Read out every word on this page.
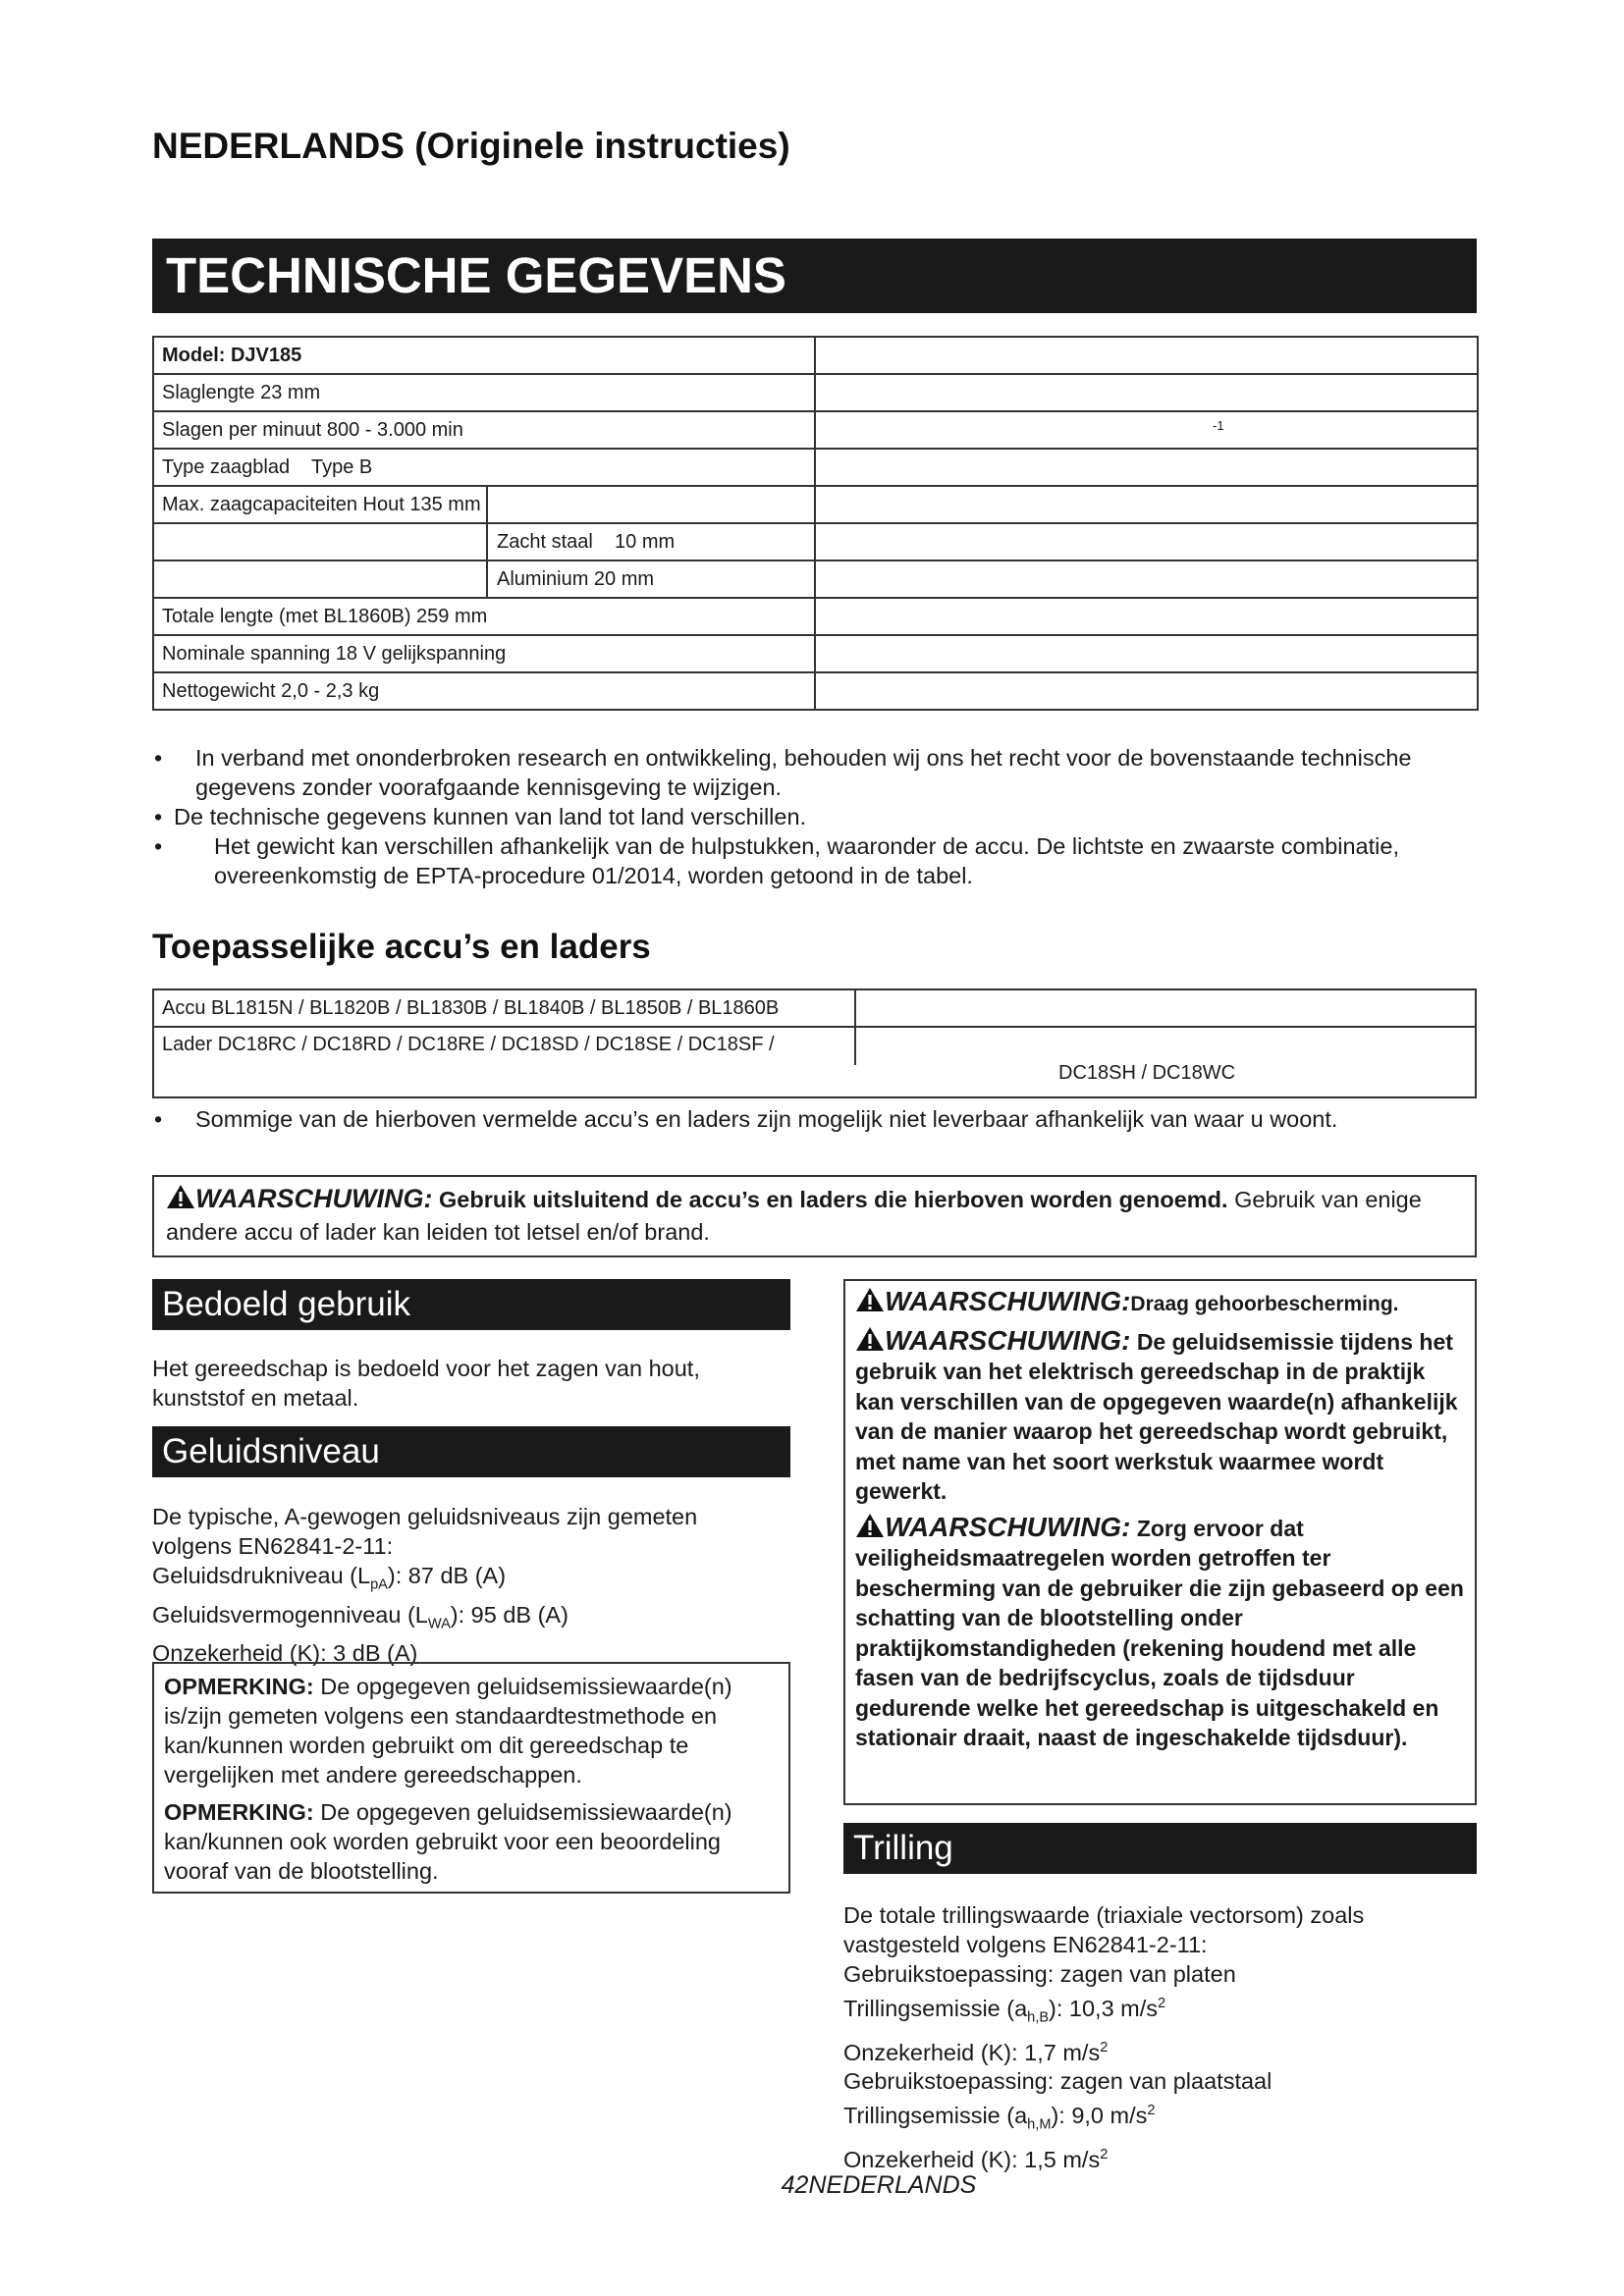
NEDERLANDS (Originele instructies)
TECHNISCHE GEGEVENS
Model: DJV185	
Slaglengte 23 mm	
Slagen per minuut 800 - 3.000 min	-1

Type zaagblad    Type B	
Max. zaagcapaciteiten Hout 135 mm

Zacht staal    10 mm	

Aluminium 20 mm	

Totale lengte (met BL1860B) 259 mm	
Nominale spanning 18 V gelijkspanning	
Nettogewicht 2,0 - 2,3 kg	
• In verband met ononderbroken research en ontwikkeling, behouden wij ons het recht voor de bovenstaande technische gegevens zonder voorafgaande kennisgeving te wijzigen.
• De technische gegevens kunnen van land tot land verschillen.
• Het gewicht kan verschillen afhankelijk van de hulpstukken, waaronder de accu. De lichtste en zwaarste combinatie, overeenkomstig de EPTA-procedure 01/2014, worden getoond in de tabel.
Toepasselijke accu’s en laders
Accu BL1815N / BL1820B / BL1830B / BL1840B / BL1850B / BL1860B

Lader DC18RC / DC18RD / DC18RE / DC18SD / DC18SE / DC18SF /
DC18SH / DC18WC
• Sommige van de hierboven vermelde accu’s en laders zijn mogelijk niet leverbaar afhankelijk van waar u woont.
WAARSCHUWING: Gebruik uitsluitend de accu’s en laders die hierboven worden genoemd. Gebruik van enige andere accu of lader kan leiden tot letsel en/of brand.
Bedoeld gebruik
Het gereedschap is bedoeld voor het zagen van hout, kunststof en metaal.
Geluidsniveau
De typische, A-gewogen geluidsniveaus zijn gemeten volgens EN62841-2-11:
Geluidsdrukniveau $(L_{pA})$: 87 dB (A)
Geluidsvermogenniveau $(L_{WA})$: 95 dB (A)
Onzekerheid (K): 3 dB (A)

OPMERKING: De opgegeven geluidsemissiewaarde(n) is/zijn gemeten volgens een standaardtestmethode en kan/kunnen worden gebruikt om dit gereedschap te vergelijken met andere gereedschappen.

OPMERKING: De opgegeven geluidsemissiewaarde(n) kan/kunnen ook worden gebruikt voor een beoordeling vooraf van de blootstelling.

WAARSCHUWING:Draag gehoorbescherming.

WAARSCHUWING: De geluidsemissie tijdens het gebruik van het elektrisch gereedschap in de praktijk kan verschillen van de opgegeven waarde(n) afhankelijk van de manier waarop het gereedschap wordt gebruikt, met name van het soort werkstuk waarmee wordt gewerkt.

WAARSCHUWING: Zorg ervoor dat veiligheidsmaatregelen worden getroffen ter bescherming van de gebruiker die zijn gebaseerd op een schatting van de blootstelling onder praktijkomstandigheden (rekening houdend met alle fasen van de bedrijfscyclus, zoals de tijdsduur gedurende welke het gereedschap is uitgeschakeld en stationair draait, naast de ingeschakelde tijdsduur).

Trilling
De totale trillingswaarde (triaxiale vectorsom) zoals vastgesteld volgens EN62841-2-11:
Gebruikstoepassing: zagen van platen
Trillingsemissie $(a_{h,B})$: 10,3 $m/s^2$
Onzekerheid (K): 1,7 $m/s^2$
Gebruikstoepassing: zagen van plaatstaal
Trillingsemissie $(a_{h,M})$: 9,0 $m/s^2$
Onzekerheid (K): 1,5 $m/s^2$
42NEDERLANDS
